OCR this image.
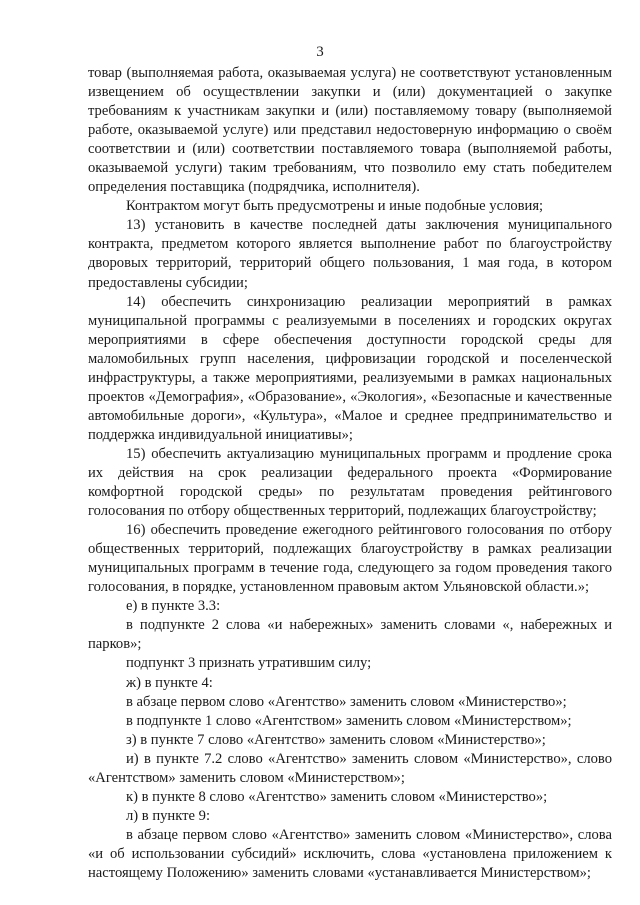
3

товар (выполняемая работа, оказываемая услуга) не соответствуют установленным извещением об осуществлении закупки и (или) документацией о закупке требованиям к участникам закупки и (или) поставляемому товару (выполняемой работе, оказываемой услуге) или представил недостоверную информацию о своём соответствии и (или) соответствии поставляемого товара (выполняемой работы, оказываемой услуги) таким требованиям, что позволило ему стать победителем определения поставщика (подрядчика, исполнителя).

Контрактом могут быть предусмотрены и иные подобные условия;

13) установить в качестве последней даты заключения муниципального контракта, предметом которого является выполнение работ по благоустройству дворовых территорий, территорий общего пользования, 1 мая года, в котором предоставлены субсидии;

14) обеспечить синхронизацию реализации мероприятий в рамках муниципальной программы с реализуемыми в поселениях и городских округах мероприятиями в сфере обеспечения доступности городской среды для маломобильных групп населения, цифровизации городской и поселенческой инфраструктуры, а также мероприятиями, реализуемыми в рамках национальных проектов «Демография», «Образование», «Экология», «Безопасные и качественные автомобильные дороги», «Культура», «Малое и среднее предпринимательство и поддержка индивидуальной инициативы»;

15) обеспечить актуализацию муниципальных программ и продление срока их действия на срок реализации федерального проекта «Формирование комфортной городской среды» по результатам проведения рейтингового голосования по отбору общественных территорий, подлежащих благоустройству;

16) обеспечить проведение ежегодного рейтингового голосования по отбору общественных территорий, подлежащих благоустройству в рамках реализации муниципальных программ в течение года, следующего за годом проведения такого голосования, в порядке, установленном правовым актом Ульяновской области.»;

е) в пункте 3.3:

в подпункте 2 слова «и набережных» заменить словами «, набережных и парков»;

подпункт 3 признать утратившим силу;

ж) в пункте 4:

в абзаце первом слово «Агентство» заменить словом «Министерство»;

в подпункте 1 слово «Агентством» заменить словом «Министерством»;

з) в пункте 7 слово «Агентство» заменить словом «Министерство»;

и) в пункте 7.2 слово «Агентство» заменить словом «Министерство», слово «Агентством» заменить словом «Министерством»;

к) в пункте 8 слово «Агентство» заменить словом «Министерство»;

л) в пункте 9:

в абзаце первом слово «Агентство» заменить словом «Министерство», слова «и об использовании субсидий» исключить, слова «установлена приложением к настоящему Положению» заменить словами «устанавливается Министерством»;
